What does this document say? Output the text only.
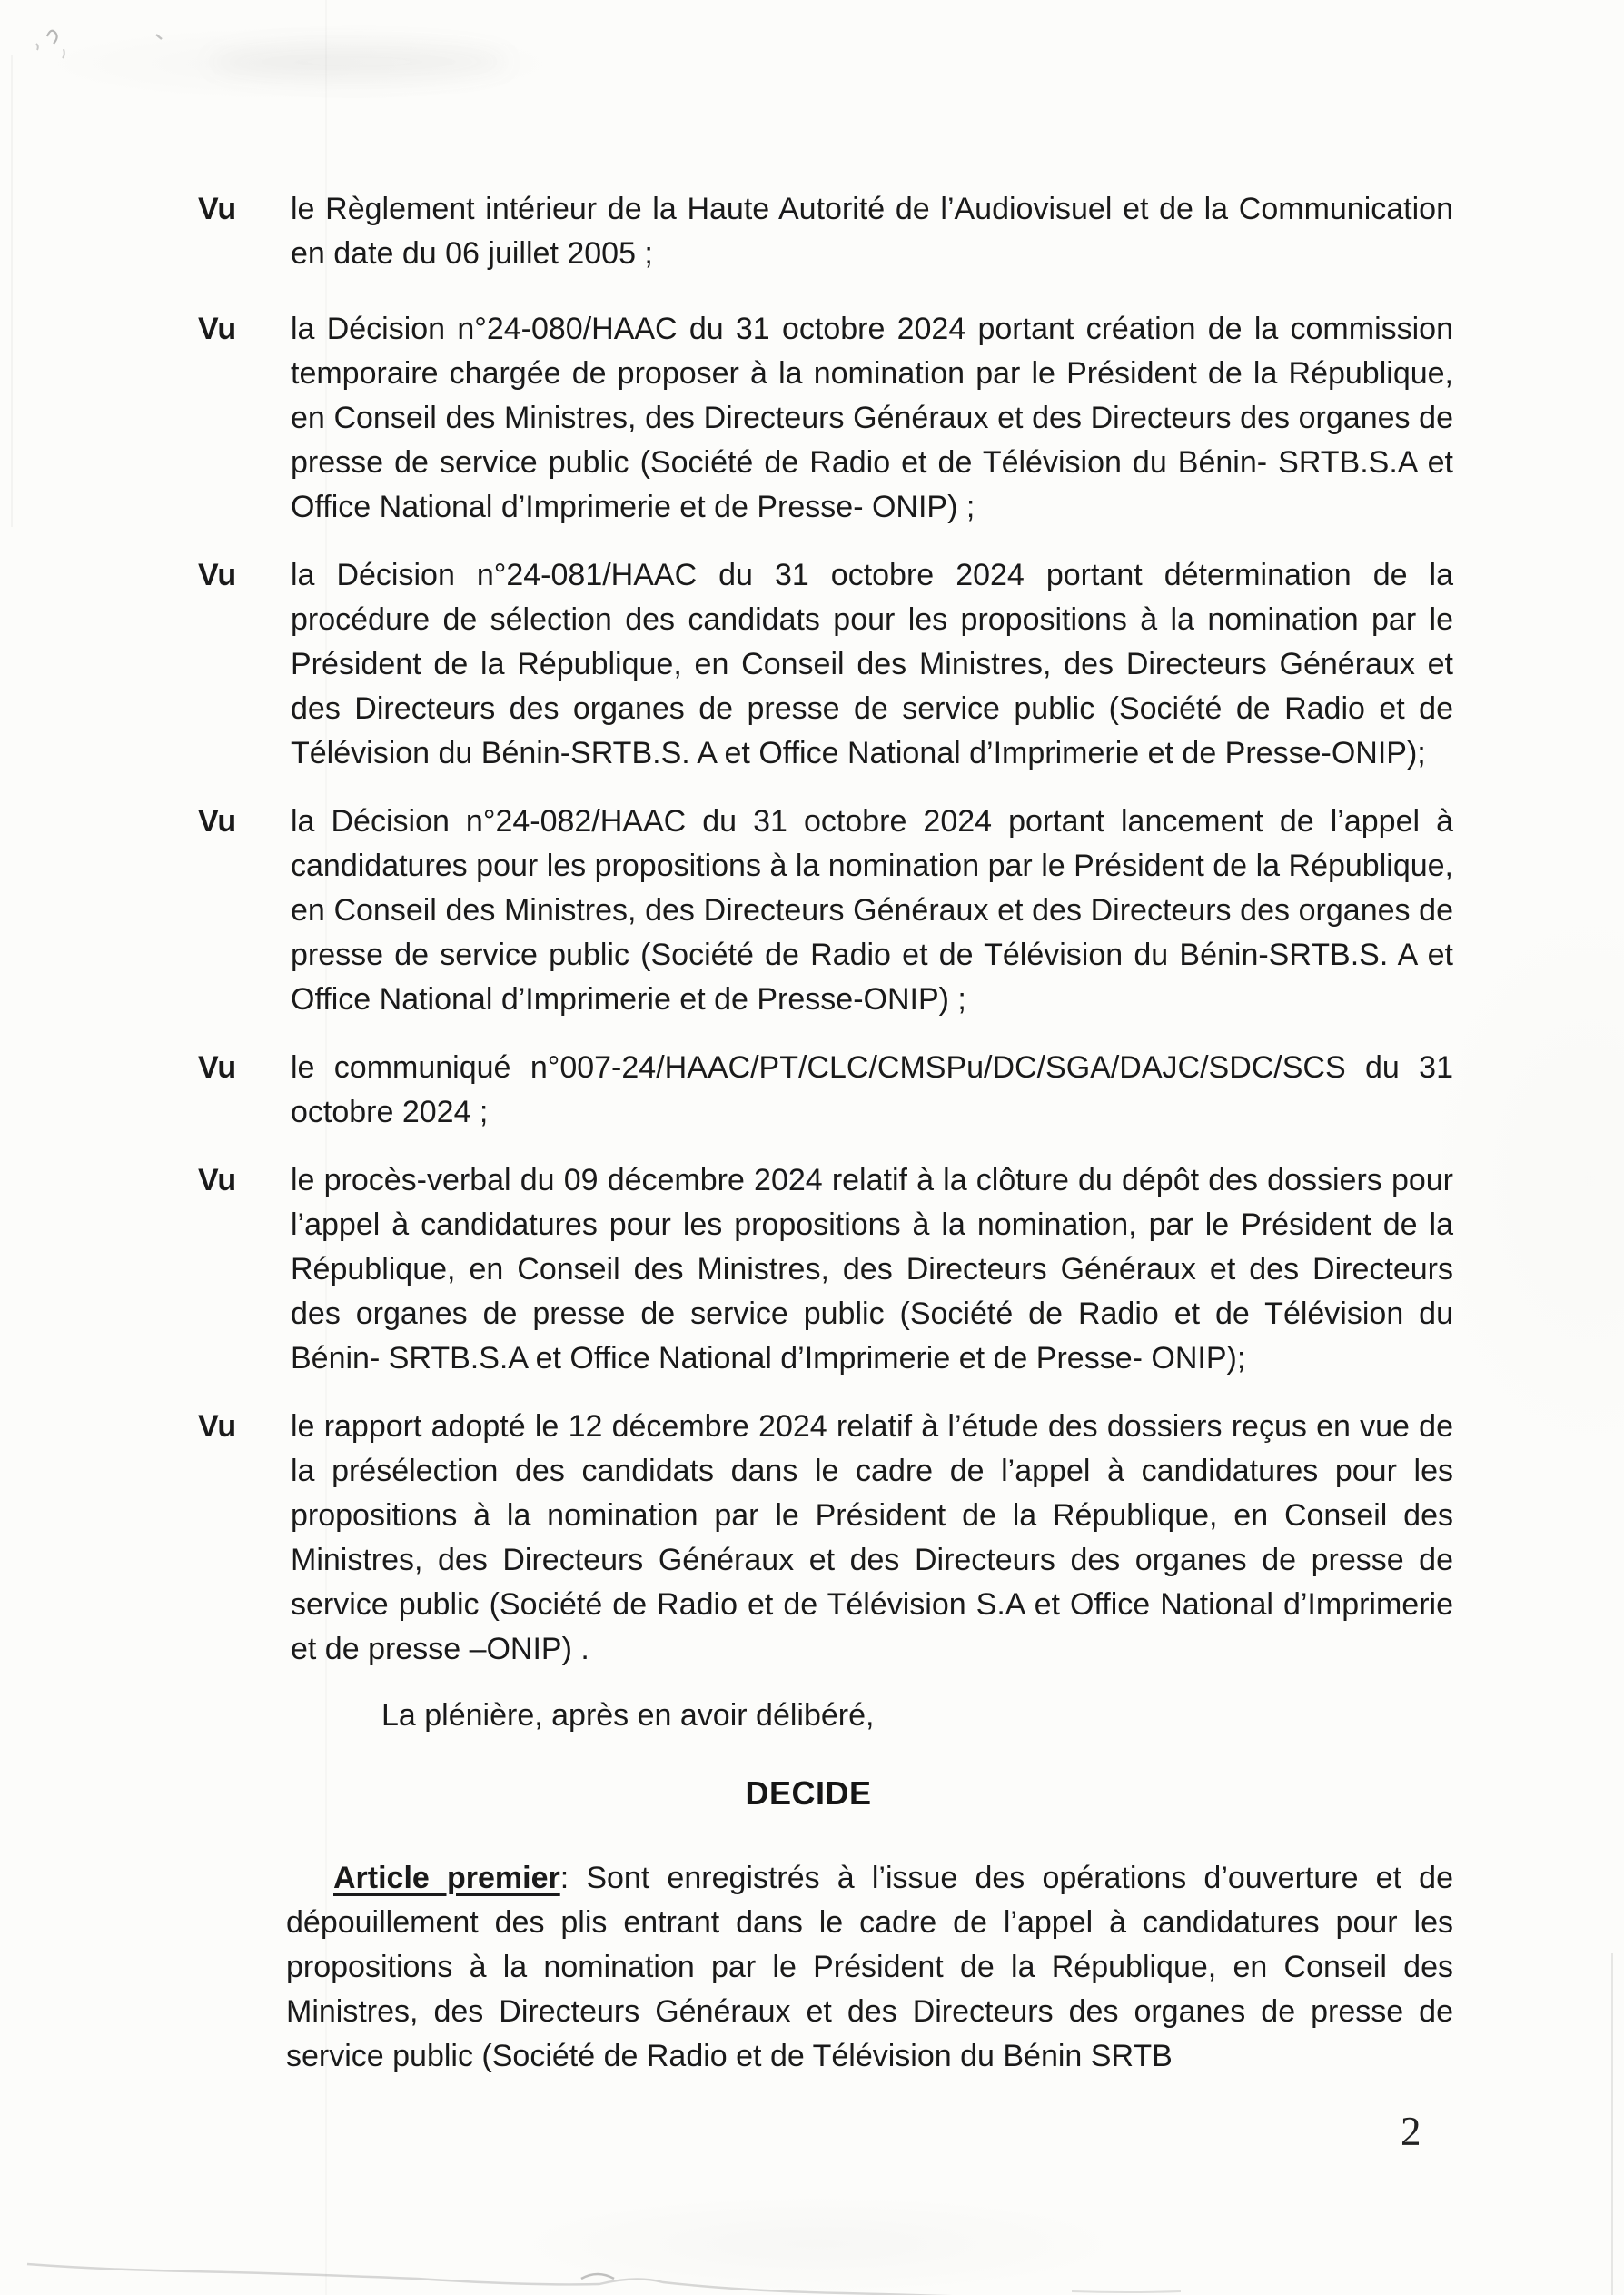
Vu	le Règlement intérieur de la Haute Autorité de l’Audiovisuel et de la Communication en date du 06 juillet 2005 ;

Vu	la Décision n°24-080/HAAC du 31 octobre 2024 portant création de la commission temporaire chargée de proposer à la nomination par le Président de la République, en Conseil des Ministres, des Directeurs Généraux et des Directeurs des organes de presse de service public (Société de Radio et de Télévision du Bénin- SRTB.S.A et Office National d’Imprimerie et de Presse- ONIP) ;

Vu	la Décision n°24-081/HAAC du 31 octobre 2024 portant détermination de la procédure de sélection des candidats pour les propositions à la nomination par le Président de la République, en Conseil des Ministres, des Directeurs Généraux et des Directeurs des organes de presse de service public (Société de Radio et de Télévision du Bénin-SRTB.S. A et Office National d’Imprimerie et de Presse-ONIP);

Vu	la Décision n°24-082/HAAC du 31 octobre 2024 portant lancement de l’appel à candidatures pour les propositions à la nomination par le Président de la République, en Conseil des Ministres, des Directeurs Généraux et des Directeurs des organes de presse de service public (Société de Radio et de Télévision du Bénin-SRTB.S. A et Office National d’Imprimerie et de Presse-ONIP) ;

Vu	le communiqué n°007-24/HAAC/PT/CLC/CMSPu/DC/SGA/DAJC/SDC/SCS du 31 octobre 2024 ;

Vu	le procès-verbal du 09 décembre 2024 relatif à la clôture du dépôt des dossiers pour l’appel à candidatures pour les propositions à la nomination, par le Président de la République, en Conseil des Ministres, des Directeurs Généraux et des Directeurs des organes de presse de service public (Société de Radio et de Télévision du Bénin- SRTB.S.A et Office National d’Imprimerie et de Presse- ONIP);

Vu	le rapport adopté le 12 décembre 2024 relatif à l’étude des dossiers reçus en vue de la présélection des candidats dans le cadre de l’appel à candidatures pour les propositions à la nomination par le Président de la République, en Conseil des Ministres, des Directeurs Généraux et des Directeurs des organes de presse de service public (Société de Radio et de Télévision S.A et Office National d’Imprimerie et de presse –ONIP) .

La plénière, après en avoir délibéré,
DECIDE

Article premier: Sont enregistrés à l’issue des opérations d’ouverture et de dépouillement des plis entrant dans le cadre de l’appel à candidatures pour les propositions à la nomination par le Président de la République, en Conseil des Ministres, des Directeurs Généraux et des Directeurs des organes de presse de service public (Société de Radio et de Télévision du Bénin SRTB

2
